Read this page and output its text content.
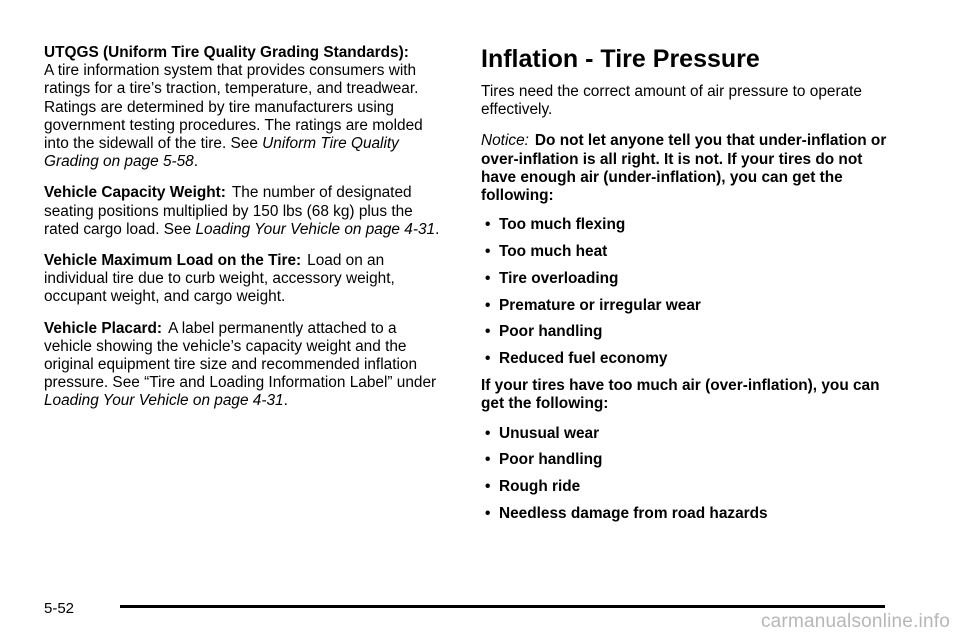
UTQGS (Uniform Tire Quality Grading Standards):
A tire information system that provides consumers with ratings for a tire’s traction, temperature, and treadwear. Ratings are determined by tire manufacturers using government testing procedures. The ratings are molded into the sidewall of the tire. See Uniform Tire Quality Grading on page 5-58.

Vehicle Capacity Weight: The number of designated seating positions multiplied by 150 lbs (68 kg) plus the rated cargo load. See Loading Your Vehicle on page 4-31.

Vehicle Maximum Load on the Tire: Load on an individual tire due to curb weight, accessory weight, occupant weight, and cargo weight.

Vehicle Placard: A label permanently attached to a vehicle showing the vehicle’s capacity weight and the original equipment tire size and recommended inflation pressure. See “Tire and Loading Information Label” under Loading Your Vehicle on page 4-31.

Inflation - Tire Pressure

Tires need the correct amount of air pressure to operate effectively.

Notice: Do not let anyone tell you that under-inflation or over-inflation is all right. It is not. If your tires do not have enough air (under-inflation), you can get the following:

• Too much flexing
• Too much heat
• Tire overloading
• Premature or irregular wear
• Poor handling
• Reduced fuel economy

If your tires have too much air (over-inflation), you can get the following:

• Unusual wear
• Poor handling
• Rough ride
• Needless damage from road hazards
5-52
carmanualsonline.info
